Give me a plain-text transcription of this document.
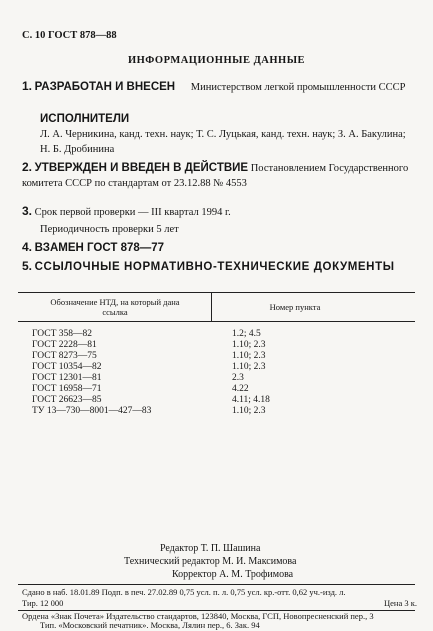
С. 10 ГОСТ 878—88
ИНФОРМАЦИОННЫЕ ДАННЫЕ
1. РАЗРАБОТАН И ВНЕСЕН Министерством легкой промышленности СССР
ИСПОЛНИТЕЛИ
Л. А. Черникина, канд. техн. наук; Т. С. Луцькая, канд. техн. наук; З. А. Бакулина; Н. Б. Дробинина
2. УТВЕРЖДЕН И ВВЕДЕН В ДЕЙСТВИЕ Постановлением Государственного комитета СССР по стандартам от 23.12.88 № 4553
3. Срок первой проверки — III квартал 1994 г.
Периодичность проверки 5 лет
4. ВЗАМЕН ГОСТ 878—77
5. ССЫЛОЧНЫЕ НОРМАТИВНО-ТЕХНИЧЕСКИЕ ДОКУМЕНТЫ
Обозначение НТД, на который дана ссылка	Номер пункта
ГОСТ 358—82	1.2; 4.5
ГОСТ 2228—81	1.10; 2.3
ГОСТ 8273—75	1.10; 2.3
ГОСТ 10354—82	1.10; 2.3
ГОСТ 12301—81	2.3
ГОСТ 16958—71	4.22
ГОСТ 26623—85	4.11; 4.18
ТУ 13—730—8001—427—83	1.10; 2.3
Редактор Т. П. Шашина
Технический редактор М. И. Максимова
Корректор А. М. Трофимова
Сдано в наб. 18.01.89 Подп. в печ. 27.02.89 0,75 усл. п. л. 0,75 усл. кр.-отт. 0,62 уч.-изд. л.
Тир. 12 000	Цена 3 к.
Ордена «Знак Почета» Издательство стандартов, 123840, Москва, ГСП, Новопресненский пер., 3
Тип. «Московский печатник». Москва, Лялин пер., 6. Зак. 94
